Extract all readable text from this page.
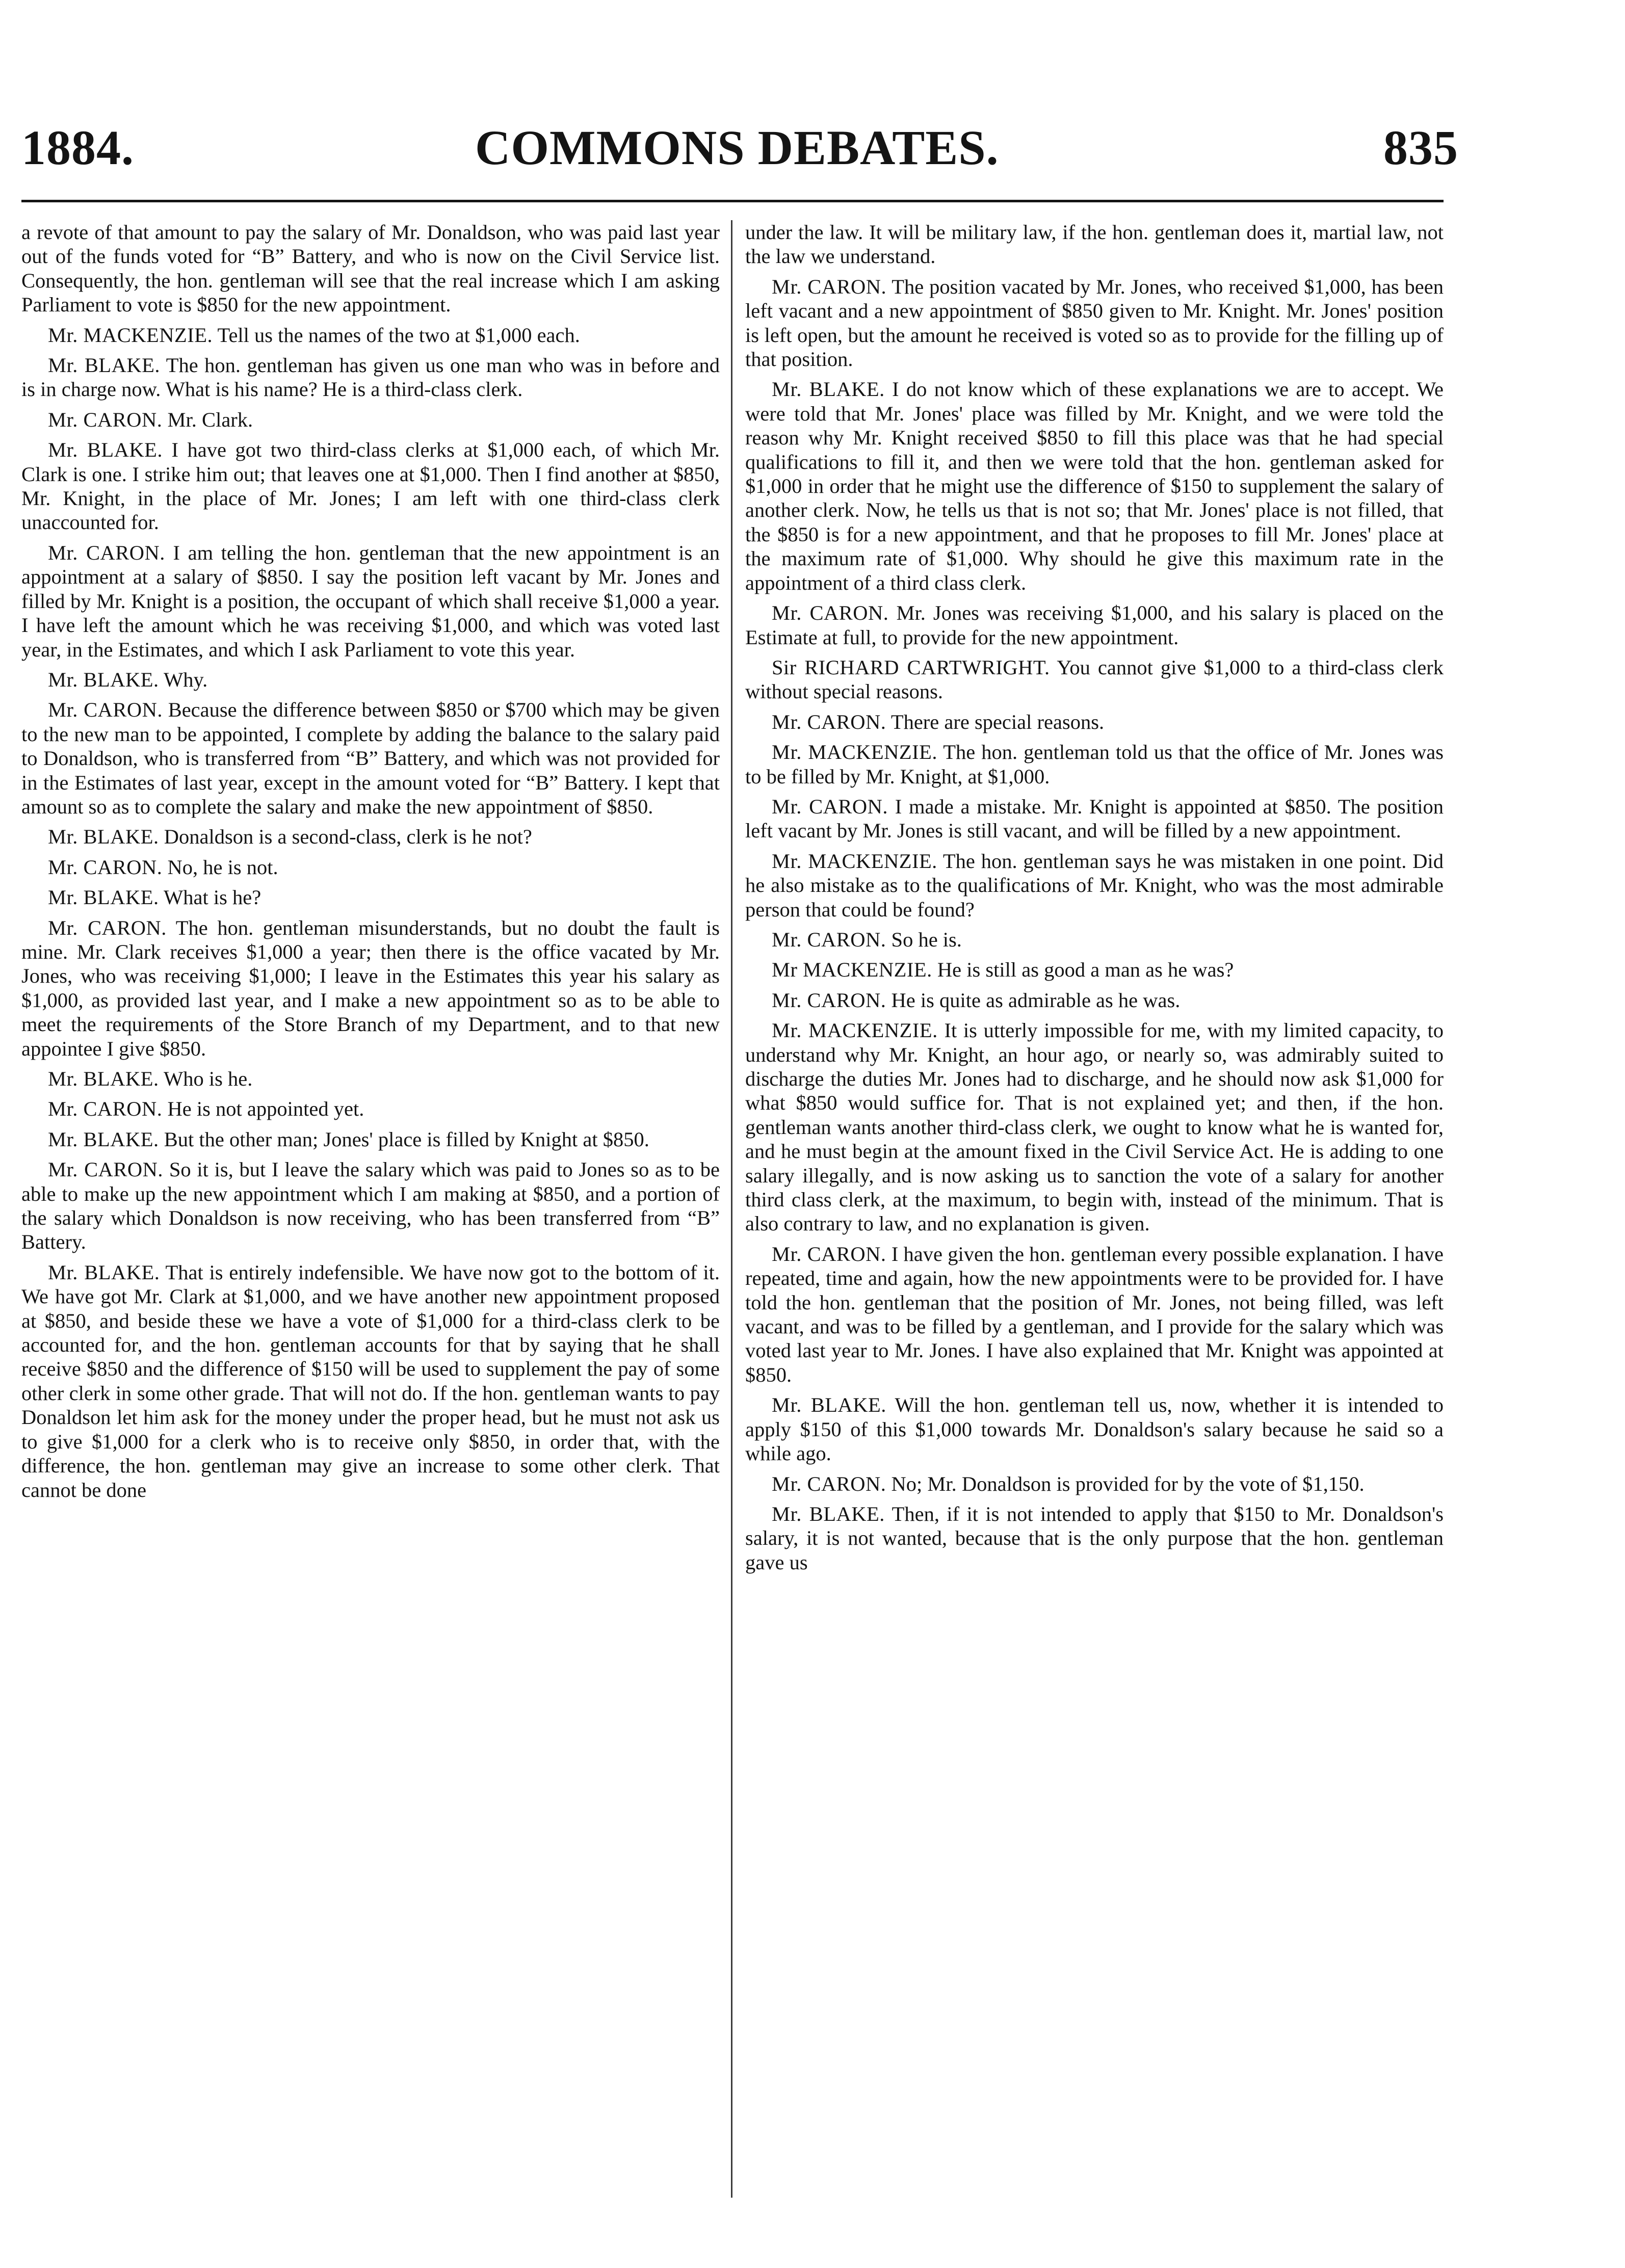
1884.	COMMONS DEBATES.	835

a revote of that amount to pay the salary of Mr. Donaldson, who was paid last year out of the funds voted for “B” Battery, and who is now on the Civil Service list. Consequently, the hon. gentleman will see that the real increase which I am asking Parliament to vote is $850 for the new appointment.

Mr. MACKENZIE. Tell us the names of the two at $1,000 each.

Mr. BLAKE. The hon. gentleman has given us one man who was in before and is in charge now. What is his name? He is a third-class clerk.

Mr. CARON. Mr. Clark.

Mr. BLAKE. I have got two third-class clerks at $1,000 each, of which Mr. Clark is one. I strike him out; that leaves one at $1,000. Then I find another at $850, Mr. Knight, in the place of Mr. Jones; I am left with one third-class clerk unaccounted for.

Mr. CARON. I am telling the hon. gentleman that the new appointment is an appointment at a salary of $850. I say the position left vacant by Mr. Jones and filled by Mr. Knight is a position, the occupant of which shall receive $1,000 a year. I have left the amount which he was receiving $1,000, and which was voted last year, in the Estimates, and which I ask Parliament to vote this year.

Mr. BLAKE. Why.

Mr. CARON. Because the difference between $850 or $700 which may be given to the new man to be appointed, I complete by adding the balance to the salary paid to Donaldson, who is transferred from “B” Battery, and which was not provided for in the Estimates of last year, except in the amount voted for “B” Battery. I kept that amount so as to complete the salary and make the new appointment of $850.

Mr. BLAKE. Donaldson is a second-class, clerk is he not?

Mr. CARON. No, he is not.

Mr. BLAKE. What is he?

Mr. CARON. The hon. gentleman misunderstands, but no doubt the fault is mine. Mr. Clark receives $1,000 a year; then there is the office vacated by Mr. Jones, who was receiving $1,000; I leave in the Estimates this year his salary as $1,000, as provided last year, and I make a new appointment so as to be able to meet the requirements of the Store Branch of my Department, and to that new appointee I give $850.

Mr. BLAKE. Who is he.

Mr. CARON. He is not appointed yet.

Mr. BLAKE. But the other man; Jones' place is filled by Knight at $850.

Mr. CARON. So it is, but I leave the salary which was paid to Jones so as to be able to make up the new appointment which I am making at $850, and a portion of the salary which Donaldson is now receiving, who has been transferred from “B” Battery.

Mr. BLAKE. That is entirely indefensible. We have now got to the bottom of it. We have got Mr. Clark at $1,000, and we have another new appointment proposed at $850, and beside these we have a vote of $1,000 for a third-class clerk to be accounted for, and the hon. gentleman accounts for that by saying that he shall receive $850 and the difference of $150 will be used to supplement the pay of some other clerk in some other grade. That will not do. If the hon. gentleman wants to pay Donaldson let him ask for the money under the proper head, but he must not ask us to give $1,000 for a clerk who is to receive only $850, in order that, with the difference, the hon. gentleman may give an increase to some other clerk. That cannot be done

under the law. It will be military law, if the hon. gentleman does it, martial law, not the law we understand.

Mr. CARON. The position vacated by Mr. Jones, who received $1,000, has been left vacant and a new appointment of $850 given to Mr. Knight. Mr. Jones' position is left open, but the amount he received is voted so as to provide for the filling up of that position.

Mr. BLAKE. I do not know which of these explanations we are to accept. We were told that Mr. Jones' place was filled by Mr. Knight, and we were told the reason why Mr. Knight received $850 to fill this place was that he had special qualifications to fill it, and then we were told that the hon. gentleman asked for $1,000 in order that he might use the difference of $150 to supplement the salary of another clerk. Now, he tells us that is not so; that Mr. Jones' place is not filled, that the $850 is for a new appointment, and that he proposes to fill Mr. Jones' place at the maximum rate of $1,000. Why should he give this maximum rate in the appointment of a third class clerk.

Mr. CARON. Mr. Jones was receiving $1,000, and his salary is placed on the Estimate at full, to provide for the new appointment.

Sir RICHARD CARTWRIGHT. You cannot give $1,000 to a third-class clerk without special reasons.

Mr. CARON. There are special reasons.

Mr. MACKENZIE. The hon. gentleman told us that the office of Mr. Jones was to be filled by Mr. Knight, at $1,000.

Mr. CARON. I made a mistake. Mr. Knight is appointed at $850. The position left vacant by Mr. Jones is still vacant, and will be filled by a new appointment.

Mr. MACKENZIE. The hon. gentleman says he was mistaken in one point. Did he also mistake as to the qualifications of Mr. Knight, who was the most admirable person that could be found?

Mr. CARON. So he is.

Mr MACKENZIE. He is still as good a man as he was?

Mr. CARON. He is quite as admirable as he was.

Mr. MACKENZIE. It is utterly impossible for me, with my limited capacity, to understand why Mr. Knight, an hour ago, or nearly so, was admirably suited to discharge the duties Mr. Jones had to discharge, and he should now ask $1,000 for what $850 would suffice for. That is not explained yet; and then, if the hon. gentleman wants another third-class clerk, we ought to know what he is wanted for, and he must begin at the amount fixed in the Civil Service Act. He is adding to one salary illegally, and is now asking us to sanction the vote of a salary for another third class clerk, at the maximum, to begin with, instead of the minimum. That is also contrary to law, and no explanation is given.

Mr. CARON. I have given the hon. gentleman every possible explanation. I have repeated, time and again, how the new appointments were to be provided for. I have told the hon. gentleman that the position of Mr. Jones, not being filled, was left vacant, and was to be filled by a gentleman, and I provide for the salary which was voted last year to Mr. Jones. I have also explained that Mr. Knight was appointed at $850.

Mr. BLAKE. Will the hon. gentleman tell us, now, whether it is intended to apply $150 of this $1,000 towards Mr. Donaldson's salary because he said so a while ago.

Mr. CARON. No; Mr. Donaldson is provided for by the vote of $1,150.

Mr. BLAKE. Then, if it is not intended to apply that $150 to Mr. Donaldson's salary, it is not wanted, because that is the only purpose that the hon. gentleman gave us
